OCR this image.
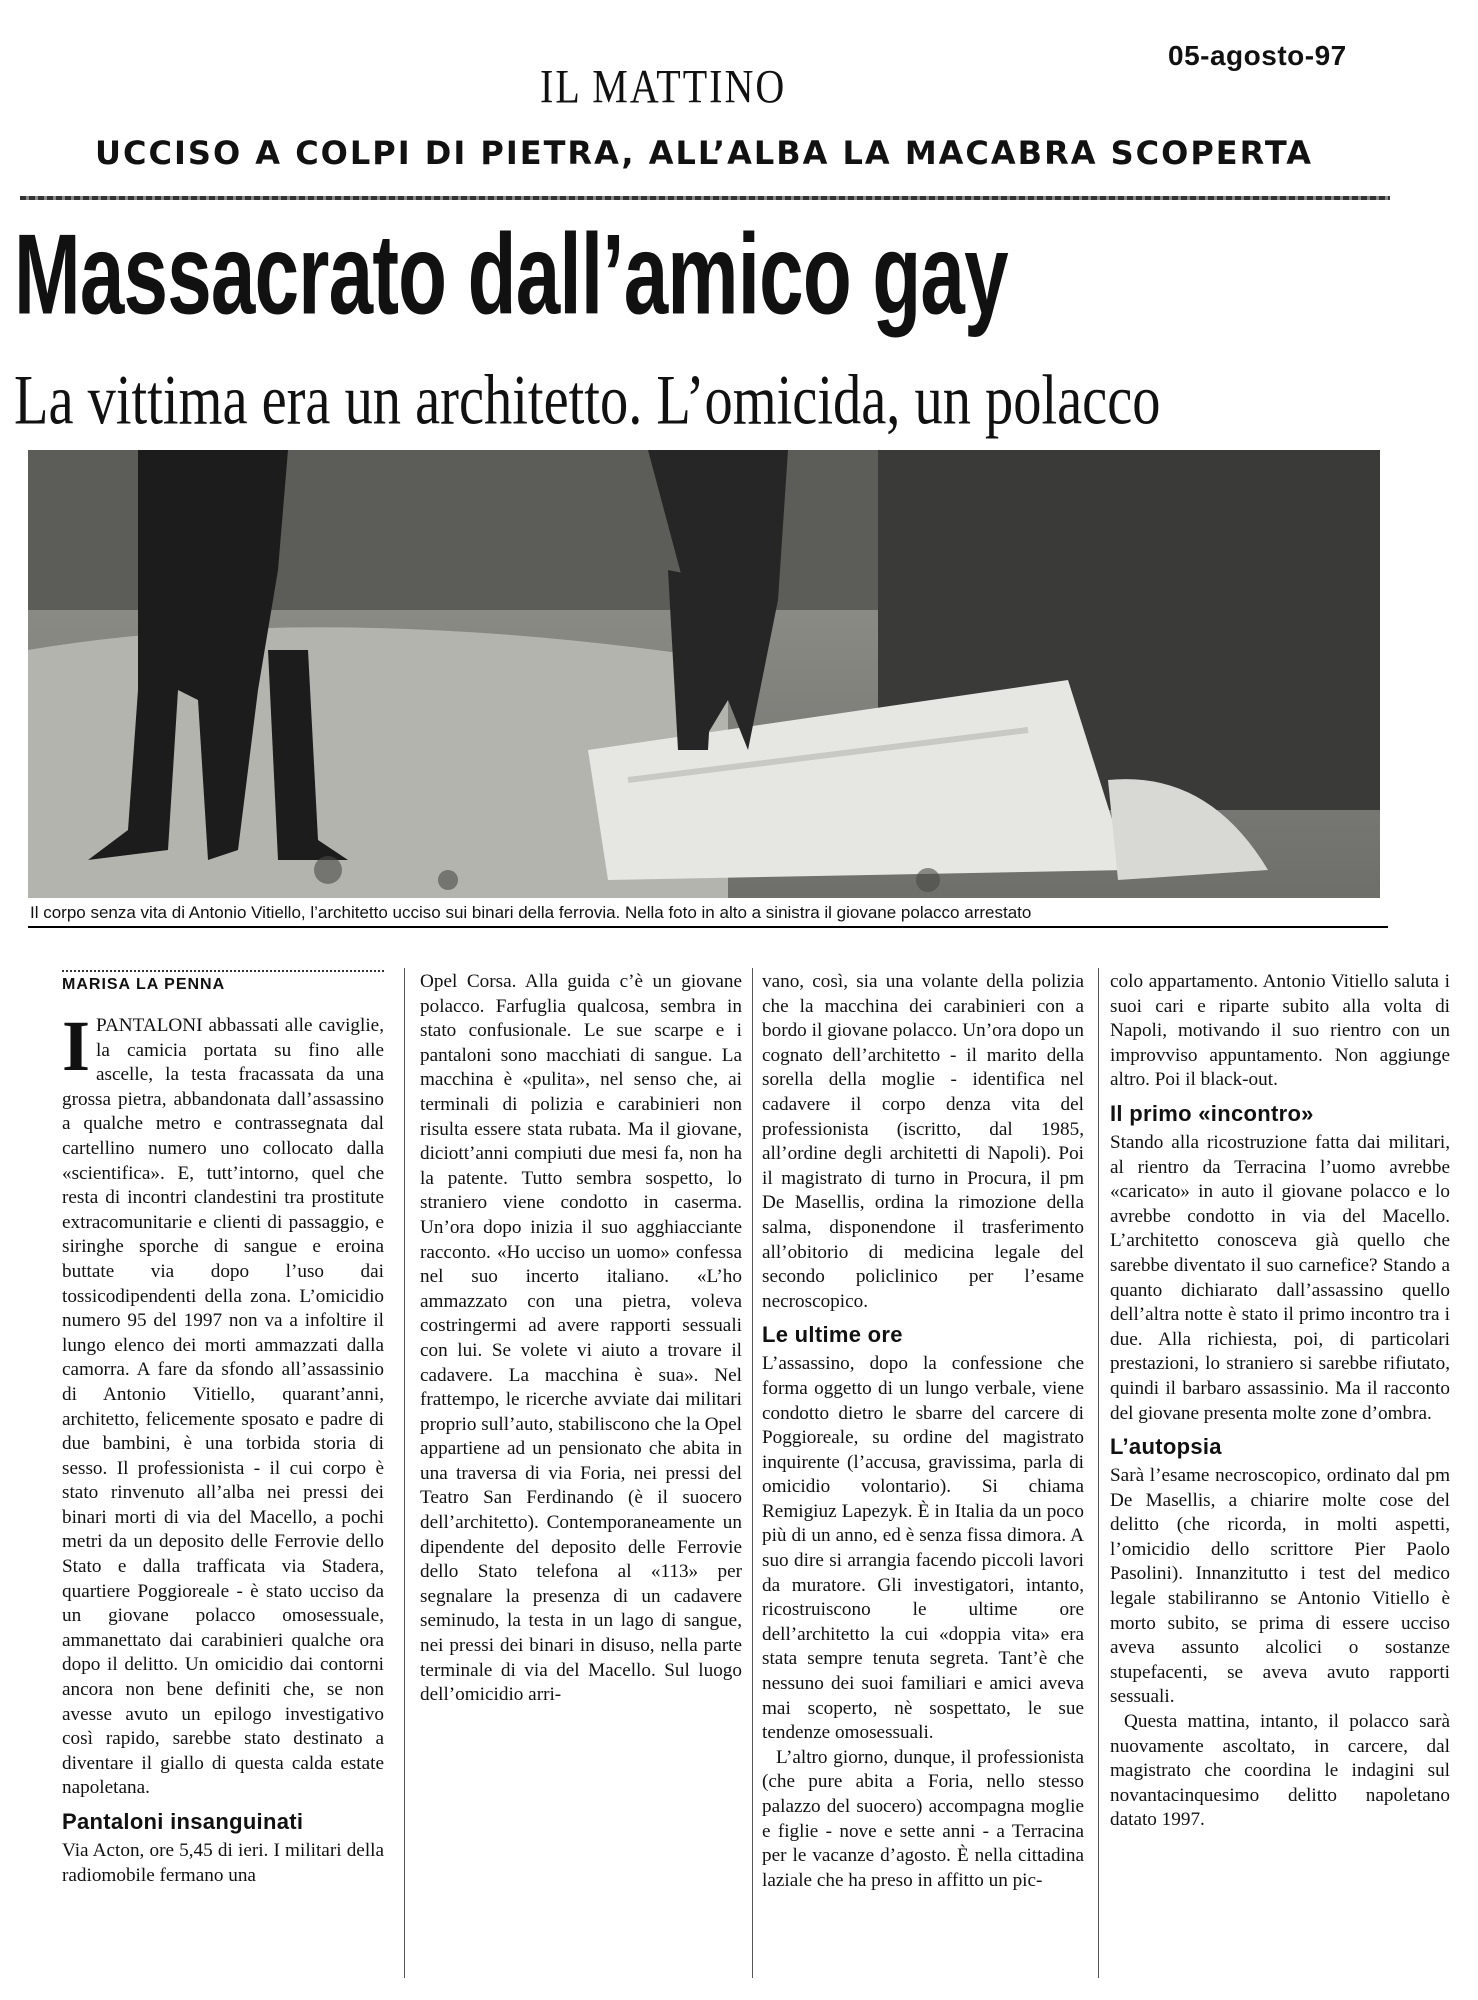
05-agosto-97
IL MATTINO
UCCISO A COLPI DI PIETRA, ALL’ALBA LA MACABRA SCOPERTA
Massacrato dall’amico gay
La vittima era un architetto. L’omicida, un polacco
Il corpo senza vita di Antonio Vitiello, l’architetto ucciso sui binari della ferrovia. Nella foto in alto a sinistra il giovane polacco arrestato
MARISA LA PENNA

IPANTALONI abbassati alle caviglie, la camicia portata su fino alle ascelle, la testa fracassata da una grossa pietra, abbandonata dall’assassino a qualche metro e contrassegnata dal cartellino numero uno collocato dalla «scientifica». E, tutt’intorno, quel che resta di incontri clandestini tra prostitute extracomunitarie e clienti di passaggio, e siringhe sporche di sangue e eroina buttate via dopo l’uso dai tossicodipendenti della zona. L’omicidio numero 95 del 1997 non va a infoltire il lungo elenco dei morti ammazzati dalla camorra. A fare da sfondo all’assassinio di Antonio Vitiello, quarant’anni, architetto, felicemente sposato e padre di due bambini, è una torbida storia di sesso. Il professionista - il cui corpo è stato rinvenuto all’alba nei pressi dei binari morti di via del Macello, a pochi metri da un deposito delle Ferrovie dello Stato e dalla trafficata via Stadera, quartiere Poggioreale - è stato ucciso da un giovane polacco omosessuale, ammanettato dai carabinieri qualche ora dopo il delitto. Un omicidio dai contorni ancora non bene definiti che, se non avesse avuto un epilogo investigativo così rapido, sarebbe stato destinato a diventare il giallo di questa calda estate napoletana.

Pantaloni insanguinati

Via Acton, ore 5,45 di ieri. I militari della radiomobile fermano una

Opel Corsa. Alla guida c’è un giovane polacco. Farfuglia qualcosa, sembra in stato confusionale. Le sue scarpe e i pantaloni sono macchiati di sangue. La macchina è «pulita», nel senso che, ai terminali di polizia e carabinieri non risulta essere stata rubata. Ma il giovane, diciott’anni compiuti due mesi fa, non ha la patente. Tutto sembra sospetto, lo straniero viene condotto in caserma. Un’ora dopo inizia il suo agghiacciante racconto. «Ho ucciso un uomo» confessa nel suo incerto italiano. «L’ho ammazzato con una pietra, voleva costringermi ad avere rapporti sessuali con lui. Se volete vi aiuto a trovare il cadavere. La macchina è sua». Nel frattempo, le ricerche avviate dai militari proprio sull’auto, stabiliscono che la Opel appartiene ad un pensionato che abita in una traversa di via Foria, nei pressi del Teatro San Ferdinando (è il suocero dell’architetto). Contemporaneamente un dipendente del deposito delle Ferrovie dello Stato telefona al «113» per segnalare la presenza di un cadavere seminudo, la testa in un lago di sangue, nei pressi dei binari in disuso, nella parte terminale di via del Macello. Sul luogo dell’omicidio arri-

vano, così, sia una volante della polizia che la macchina dei carabinieri con a bordo il giovane polacco. Un’ora dopo un cognato dell’architetto - il marito della sorella della moglie - identifica nel cadavere il corpo denza vita del professionista (iscritto, dal 1985, all’ordine degli architetti di Napoli). Poi il magistrato di turno in Procura, il pm De Masellis, ordina la rimozione della salma, disponendone il trasferimento all’obitorio di medicina legale del secondo policlinico per l’esame necroscopico.

Le ultime ore

L’assassino, dopo la confessione che forma oggetto di un lungo verbale, viene condotto dietro le sbarre del carcere di Poggioreale, su ordine del magistrato inquirente (l’accusa, gravissima, parla di omicidio volontario). Si chiama Remigiuz Lapezyk. È in Italia da un poco più di un anno, ed è senza fissa dimora. A suo dire si arrangia facendo piccoli lavori da muratore. Gli investigatori, intanto, ricostruiscono le ultime ore dell’architetto la cui «doppia vita» era stata sempre tenuta segreta. Tant’è che nessuno dei suoi familiari e amici aveva mai scoperto, nè sospettato, le sue tendenze omosessuali.

L’altro giorno, dunque, il professionista (che pure abita a Foria, nello stesso palazzo del suocero) accompagna moglie e figlie - nove e sette anni - a Terracina per le vacanze d’agosto. È nella cittadina laziale che ha preso in affitto un pic-

colo appartamento. Antonio Vitiello saluta i suoi cari e riparte subito alla volta di Napoli, motivando il suo rientro con un improvviso appuntamento. Non aggiunge altro. Poi il black-out.

Il primo «incontro»

Stando alla ricostruzione fatta dai militari, al rientro da Terracina l’uomo avrebbe «caricato» in auto il giovane polacco e lo avrebbe condotto in via del Macello. L’architetto conosceva già quello che sarebbe diventato il suo carnefice? Stando a quanto dichiarato dall’assassino quello dell’altra notte è stato il primo incontro tra i due. Alla richiesta, poi, di particolari prestazioni, lo straniero si sarebbe rifiutato, quindi il barbaro assassinio. Ma il racconto del giovane presenta molte zone d’ombra.

L’autopsia

Sarà l’esame necroscopico, ordinato dal pm De Masellis, a chiarire molte cose del delitto (che ricorda, in molti aspetti, l’omicidio dello scrittore Pier Paolo Pasolini). Innanzitutto i test del medico legale stabiliranno se Antonio Vitiello è morto subito, se prima di essere ucciso aveva assunto alcolici o sostanze stupefacenti, se aveva avuto rapporti sessuali.

Questa mattina, intanto, il polacco sarà nuovamente ascoltato, in carcere, dal magistrato che coordina le indagini sul novantacinquesimo delitto napoletano datato 1997.
